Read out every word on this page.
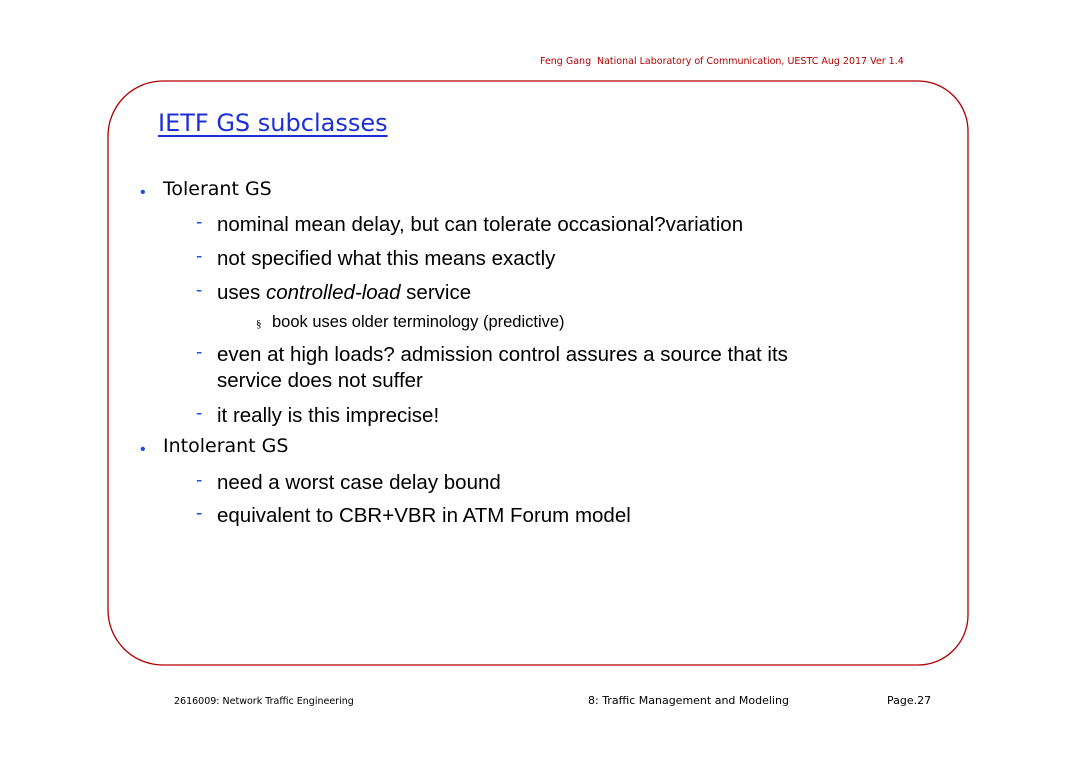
Feng Gang National Laboratory of Communication, UESTC Aug 2017 Ver 1.4
IETF GS subclasses
• Tolerant GS
- nominal mean delay, but can tolerate occasional?variation
- not specified what this means exactly
- uses controlled-load service
§ book uses older terminology (predictive)
- even at high loads? admission control assures a source that its
service does not suffer
- it really is this imprecise!
• Intolerant GS
- need a worst case delay bound
- equivalent to CBR+VBR in ATM Forum model
2616009: Network Traffic Engineering	8: Traffic Management and Modeling	Page.27
